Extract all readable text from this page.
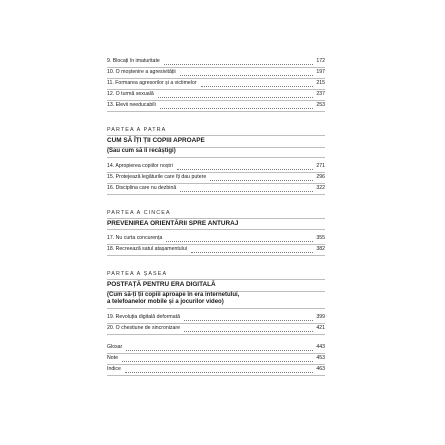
9. Blocați în imaturitate	172
10. O moștenire a agresivității	197
11. Formarea agresorilor și a victimelor	215
12. O turmă sexuală	237
13. Elevii needucabili	253
PARTEA A PATRA
CUM SĂ ÎȚI ȚII COPIII APROAPE
(Sau cum să îi recâștigi)
14. Apropierea copiilor noștri	271
15. Protejează legăturile care îți dau putere	296
16. Disciplina care nu dezbină	322
PARTEA A CINCEA
PREVENIREA ORIENTĂRII SPRE ANTURAJ
17. Nu curta concurența	355
18. Recreează satul atașamentului	382
PARTEA A ȘASEA
POSTFAȚĂ PENTRU ERA DIGITALĂ
(Cum să-ți ții copiii aproape în era internetului,
a telefoanelor mobile și a jocurilor video)
19. Revoluția digitală deformată	399
20. O chestiune de sincronizare	421
Glosar	443
Note	453
Indice	463
